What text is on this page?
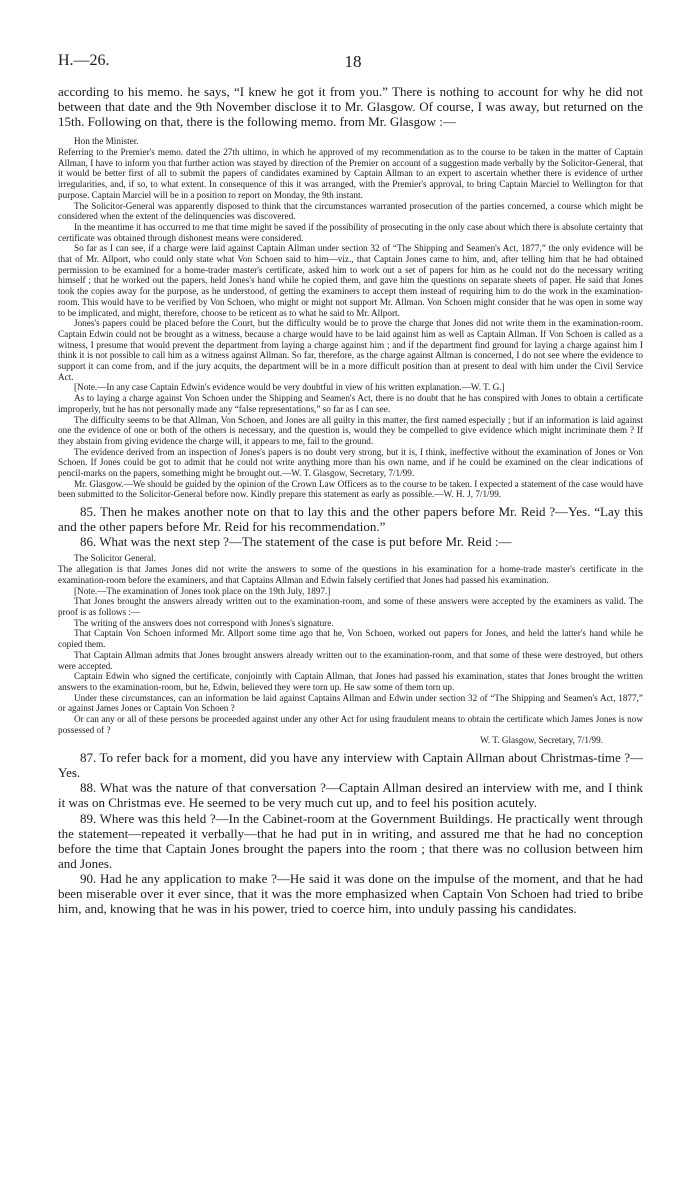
H.—26.	18

according to his memo. he says, “I knew he got it from you.” There is nothing to account for why he did not between that date and the 9th November disclose it to Mr. Glasgow. Of course, I was away, but returned on the 15th. Following on that, there is the following memo. from Mr. Glasgow :—

Hon the Minister.

Referring to the Premier's memo. dated the 27th ultimo, in which he approved of my recommendation as to the course to be taken in the matter of Captain Allman, I have to inform you that further action was stayed by direction of the Premier on account of a suggestion made verbally by the Solicitor-General, that it would be better first of all to submit the papers of candidates examined by Captain Allman to an expert to ascertain whether there is evidence of urther irregularities, and, if so, to what extent. In consequence of this it was arranged, with the Premier's approval, to bring Captain Marciel to Wellington for that purpose. Captain Marciel will be in a position to report on Monday, the 9th instant.

The Solicitor-General was apparently disposed to think that the circumstances warranted prosecution of the parties concerned, a course which might be considered when the extent of the delinquencies was discovered.

In the meantime it has occurred to me that time might be saved if the possibility of prosecuting in the only case about which there is absolute certainty that certificate was obtained through dishonest means were considered.

So far as I can see, if a charge were laid against Captain Allman under section 32 of “The Shipping and Seamen's Act, 1877,” the only evidence will be that of Mr. Allport, who could only state what Von Schoen said to him—viz., that Captain Jones came to him, and, after telling him that he had obtained permission to be examined for a home-trader master's certificate, asked him to work out a set of papers for him as he could not do the necessary writing himself ; that he worked out the papers, held Jones's hand while he copied them, and gave him the questions on separate sheets of paper. He said that Jones took the copies away for the purpose, as he understood, of getting the examiners to accept them instead of requiring him to do the work in the examination-room. This would have to be verified by Von Schoen, who might or might not support Mr. Allman. Von Schoen might consider that he was open in some way to be implicated, and might, therefore, choose to be reticent as to what he said to Mr. Allport.

Jones's papers could be placed before the Court, but the difficulty would be to prove the charge that Jones did not write them in the examination-room. Captain Edwin could not be brought as a witness, because a charge would have to be laid against him as well as Captain Allman. If Von Schoen is called as a witness, I presume that would prevent the department from laying a charge against him ; and if the department find ground for laying a charge against him I think it is not possible to call him as a witness against Allman. So far, therefore, as the charge against Allman is concerned, I do not see where the evidence to support it can come from, and if the jury acquits, the department will be in a more difficult position than at present to deal with him under the Civil Service Act.

[Note.—In any case Captain Edwin's evidence would be very doubtful in view of his written explanation.—W. T. G.]

As to laying a charge against Von Schoen under the Shipping and Seamen's Act, there is no doubt that he has conspired with Jones to obtain a certificate improperly, but he has not personally made any “false representations,” so far as I can see.

The difficulty seems to be that Allman, Von Schoen, and Jones are all guilty in this matter, the first named especially ; but if an information is laid against one the evidence of one or both of the others is necessary, and the question is, would they be compelled to give evidence which might incriminate them ? If they abstain from giving evidence the charge will, it appears to me, fail to the ground.

The evidence derived from an inspection of Jones's papers is no doubt very strong, but it is, I think, ineffective without the examination of Jones or Von Schoen. If Jones could be got to admit that he could not write anything more than his own name, and if he could be examined on the clear indications of pencil-marks on the papers, something might be brought out.—W. T. Glasgow, Secretary, 7/1/99.

Mr. Glasgow.—We should be guided by the opinion of the Crown Law Officers as to the course to be taken. I expected a statement of the case would have been submitted to the Solicitor-General before now. Kindly prepare this statement as early as possible.—W. H. J, 7/1/99.

85. Then he makes another note on that to lay this and the other papers before Mr. Reid ?—Yes. “Lay this and the other papers before Mr. Reid for his recommendation.”

86. What was the next step ?—The statement of the case is put before Mr. Reid :—

The Solicitor General.

The allegation is that James Jones did not write the answers to some of the questions in his examination for a home-trade master's certificate in the examination-room before the examiners, and that Captains Allman and Edwin falsely certified that Jones had passed his examination.

[Note.—The examination of Jones took place on the 19th July, 1897.]

That Jones brought the answers already written out to the examination-room, and some of these answers were accepted by the examiners as valid. The proof is as follows :—

The writing of the answers does not correspond with Jones's signature.

That Captain Von Schoen informed Mr. Allport some time ago that he, Von Schoen, worked out papers for Jones, and held the latter's hand while he copied them.

That Captain Allman admits that Jones brought answers already written out to the examination-room, and that some of these were destroyed, but others were accepted.

Captain Edwin who signed the certificate, conjointly with Captain Allman, that Jones had passed his examination, states that Jones brought the written answers to the examination-room, but he, Edwin, believed they were torn up. He saw some of them torn up.

Under these circumstances, can an information be laid against Captains Allman and Edwin under section 32 of “The Shipping and Seamen's Act, 1877,” or against James Jones or Captain Von Schoen ?

Or can any or all of these persons be proceeded against under any other Act for using fraudulent means to obtain the certificate which James Jones is now possessed of ?

W. T. Glasgow, Secretary, 7/1/99.

87. To refer back for a moment, did you have any interview with Captain Allman about Christmas-time ?—Yes.

88. What was the nature of that conversation ?—Captain Allman desired an interview with me, and I think it was on Christmas eve. He seemed to be very much cut up, and to feel his position acutely.

89. Where was this held ?—In the Cabinet-room at the Government Buildings. He practically went through the statement—repeated it verbally—that he had put in in writing, and assured me that he had no conception before the time that Captain Jones brought the papers into the room ; that there was no collusion between him and Jones.

90. Had he any application to make ?—He said it was done on the impulse of the moment, and that he had been miserable over it ever since, that it was the more emphasized when Captain Von Schoen had tried to bribe him, and, knowing that he was in his power, tried to coerce him, into unduly passing his candidates.
